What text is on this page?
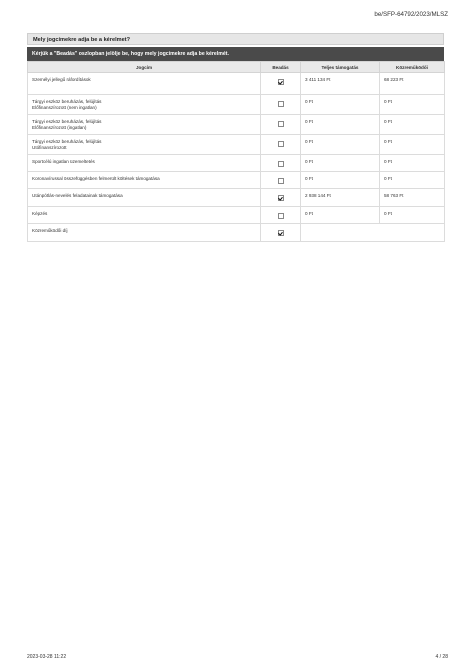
be/SFP-64792/2023/MLSZ
Mely jogcímekre adja be a kérelmet?
Kérjük a "Beadás" oszlopban jelölje be, hogy mely jogcímekre adja be kérelmét.
Jogcím	Beadás	Teljes támogatás	Közreműködői

Személyi jellegű ráfordítások		3 411 134 Ft	68 223 Ft

Tárgyi eszköz beruházás, felújítás
Előfinanszírozott (nem ingatlan)		0 Ft	0 Ft

Tárgyi eszköz beruházás, felújítás
Előfinanszírozott (ingatlan)		0 Ft	0 Ft

Tárgyi eszköz beruházás, felújítás
Utófinanszírozott		0 Ft	0 Ft

Sportcélú ingatlan üzemeltetés		0 Ft	0 Ft

Koronavírussal összefüggésben felmerült költések támogatása		0 Ft	0 Ft

Utánpótlás-nevelés feladatainak támogatása		2 938 144 Ft	58 763 Ft

Képzés		0 Ft	0 Ft

Közreműködői díj			

2023-03-28 11:22	4 / 28
